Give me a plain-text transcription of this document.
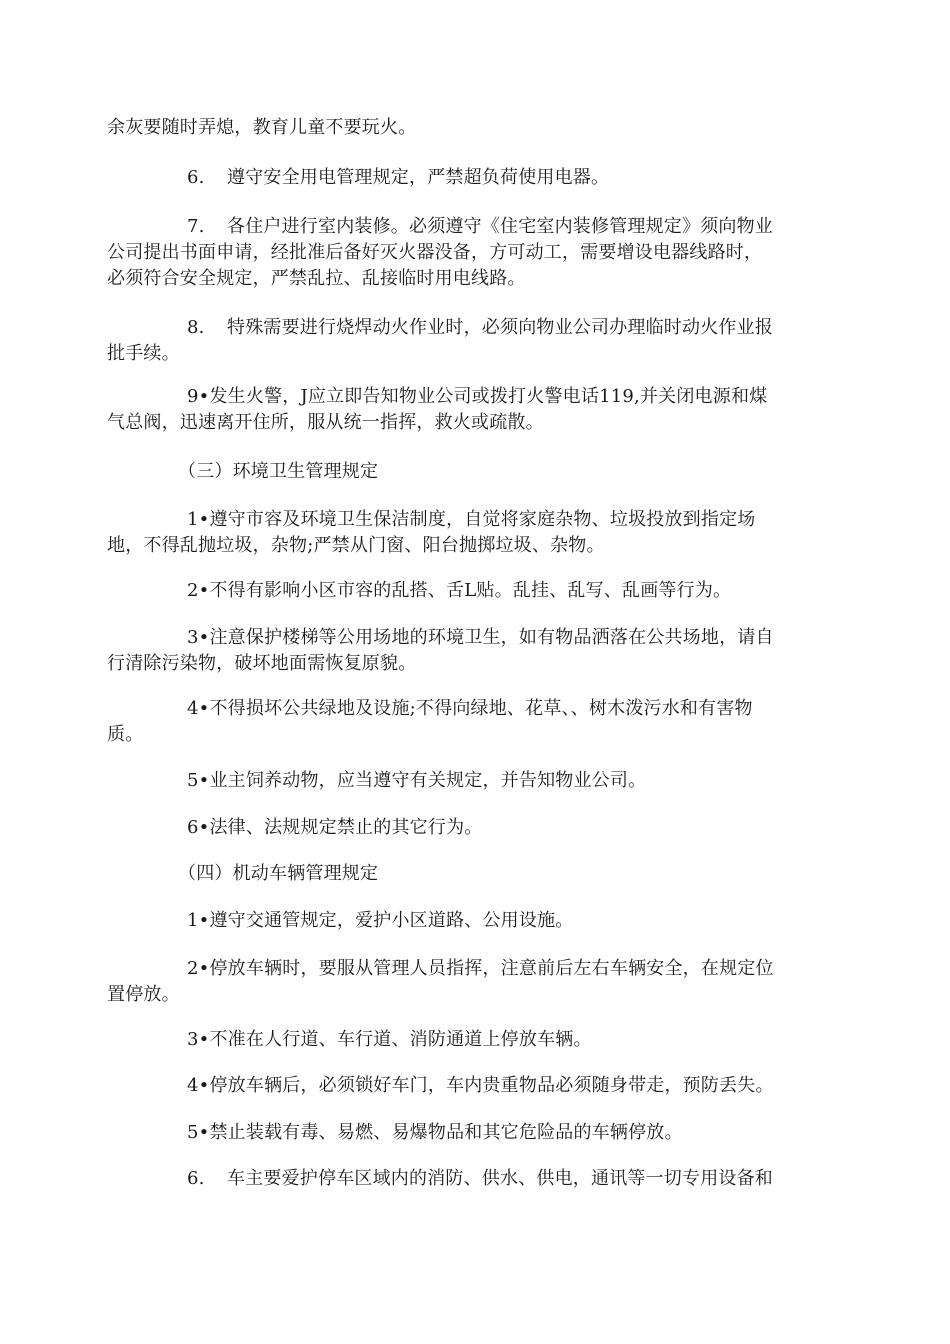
余灰要随时弄熄，教育儿童不要玩火。
6. 遵守安全用电管理规定，严禁超负荷使用电器。
7. 各住户进行室内装修。必须遵守《住宅室内装修管理规定》须向物业
公司提出书面申请，经批准后备好灭火器没备，方可动工，需要增设电器线路时，
必须符合安全规定，严禁乱拉、乱接临时用电线路。
8. 特殊需要进行烧焊动火作业时，必须向物业公司办理临时动火作业报
批手续。
9•发生火警，J应立即告知物业公司或拨打火警电话119,并关闭电源和煤
气总阀，迅速离开住所，服从统一指挥，救火或疏散。
（三）环境卫生管理规定
1•遵守市容及环境卫生保洁制度，自觉将家庭杂物、垃圾投放到指定场
地，不得乱抛垃圾，杂物;严禁从门窗、阳台抛掷垃圾、杂物。
2•不得有影响小区市容的乱搭、舌L贴。乱挂、乱写、乱画等行为。
3•注意保护楼梯等公用场地的环境卫生，如有物品洒落在公共场地，请自
行清除污染物，破坏地面需恢复原貌。
4•不得损坏公共绿地及设施;不得向绿地、花草、、树木泼污水和有害物
质。
5•业主饲养动物，应当遵守有关规定，并告知物业公司。
6•法律、法规规定禁止的其它行为。
（四）机动车辆管理规定
1•遵守交通管规定，爱护小区道路、公用设施。
2•停放车辆时，要服从管理人员指挥，注意前后左右车辆安全，在规定位
置停放。
3•不准在人行道、车行道、消防通道上停放车辆。
4•停放车辆后，必须锁好车门，车内贵重物品必须随身带走，预防丢失。
5•禁止装载有毒、易燃、易爆物品和其它危险品的车辆停放。
6. 车主要爱护停车区域内的消防、供水、供电，通讯等一切专用设备和
